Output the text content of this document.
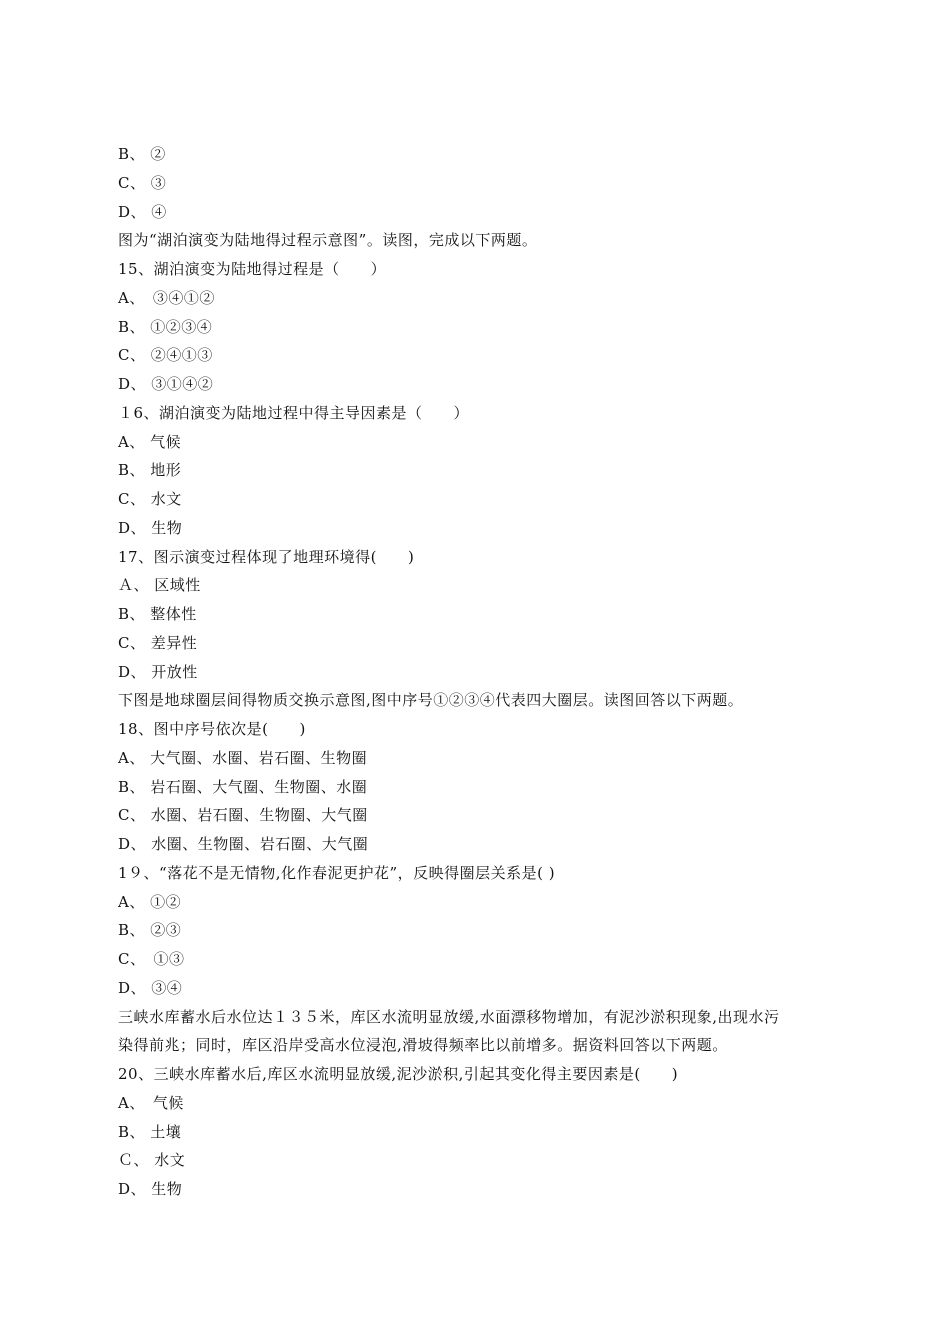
B、 ②
C、 ③
D、 ④
图为“湖泊演变为陆地得过程示意图”。读图，完成以下两题。
15、湖泊演变为陆地得过程是（　　）
A、　③④①②
B、 ①②③④
C、 ②④①③
D、 ③①④②
１6、湖泊演变为陆地过程中得主导因素是（　　）
A、 气候
B、 地形
C、 水文
D、 生物
17、图示演变过程体现了地理环境得(　　)
Ａ、 区域性
B、 整体性
C、 差异性
D、 开放性
下图是地球圈层间得物质交换示意图,图中序号①②③④代表四大圈层。读图回答以下两题。
18、图中序号依次是(　　)
A、 大气圈、水圈、岩石圈、生物圈
B、 岩石圈、大气圈、生物圈、水圈
C、 水圈、岩石圈、生物圈、大气圈
D、 水圈、生物圈、岩石圈、大气圈
1９、“落花不是无情物,化作春泥更护花”，反映得圈层关系是( )
A、 ①②
B、 ②③
C、　①③
D、 ③④
三峡水库蓄水后水位达１３５米，库区水流明显放缓,水面漂移物增加，有泥沙淤积现象,出现水污
染得前兆；同时，库区沿岸受高水位浸泡,滑坡得频率比以前增多。据资料回答以下两题。
20、三峡水库蓄水后,库区水流明显放缓,泥沙淤积,引起其变化得主要因素是(　　)
A、　气候
B、 土壤
Ｃ、 水文
D、 生物
